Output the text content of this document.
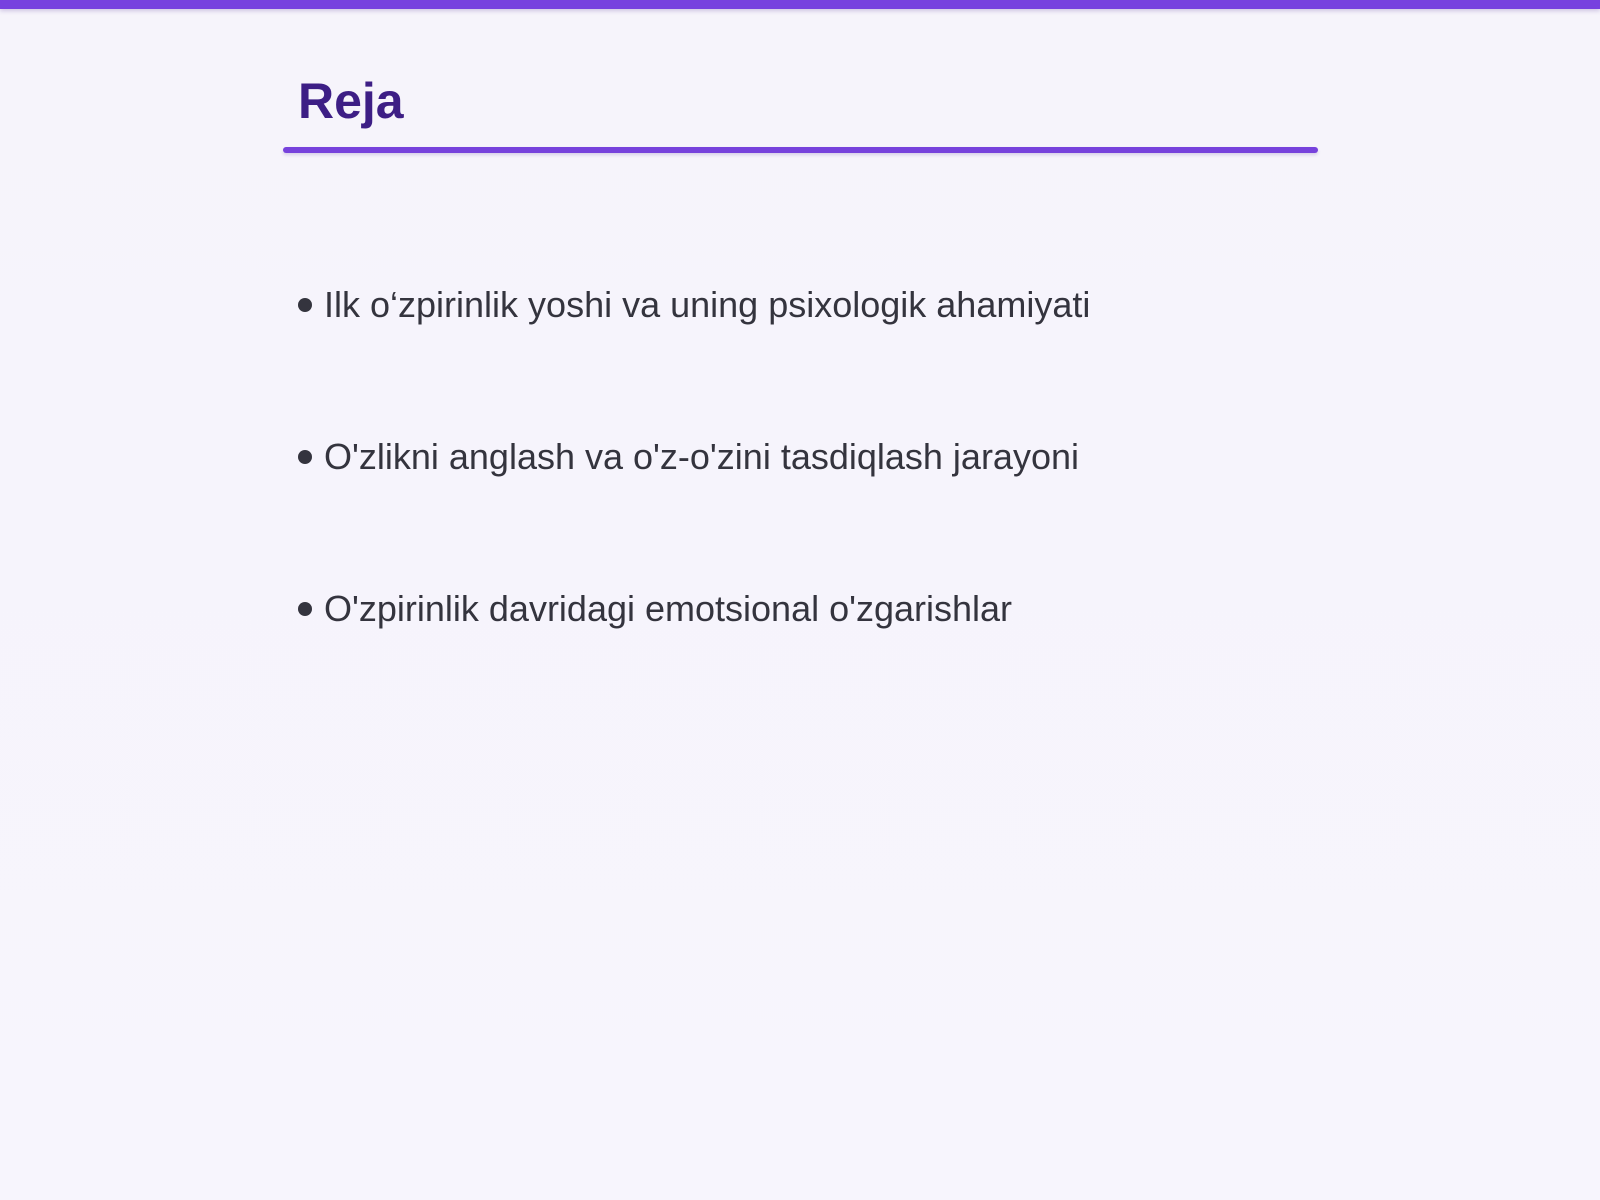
Reja
Ilk o‘zpirinlik yoshi va uning psixologik ahamiyati
O'zlikni anglash va o'z-o'zini tasdiqlash jarayoni
O'zpirinlik davridagi emotsional o'zgarishlar
